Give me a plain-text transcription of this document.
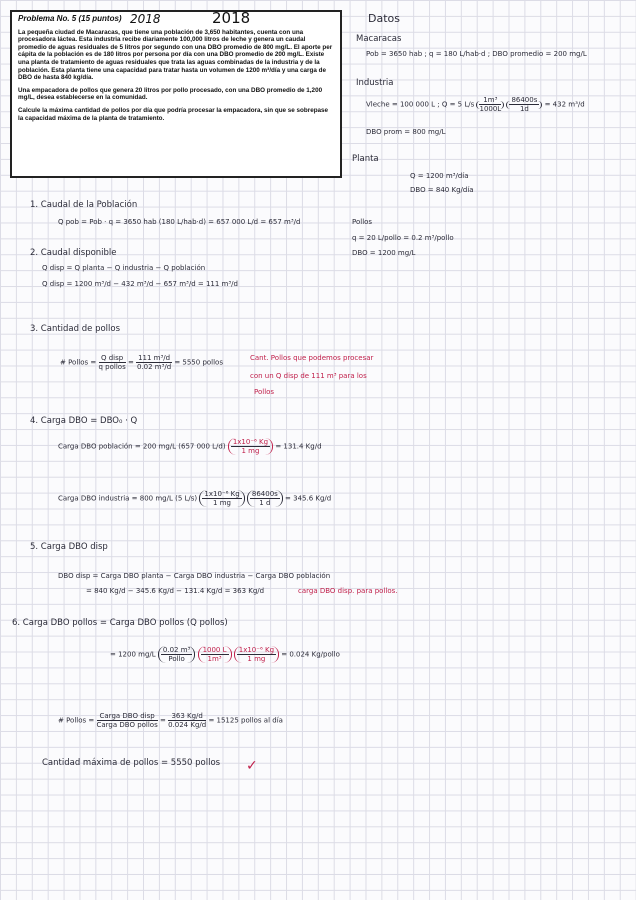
Problema No. 5 (15 puntos) 2018	2018

La pequeña ciudad de Macaracas, que tiene una población de 3,650 habitantes, cuenta con una procesadora láctea. Esta industria recibe diariamente 100,000 litros de leche y genera un caudal promedio de aguas residuales de 5 litros por segundo con una DBO promedio de 800 mg/L. El aporte per cápita de la población es de 180 litros por persona por día con una DBO promedio de 200 mg/L. Existe una planta de tratamiento de aguas residuales que trata las aguas combinadas de la industria y de la población. Esta planta tiene una capacidad para tratar hasta un volumen de 1200 m³/día y una carga de DBO de hasta 840 kg/día.

Una empacadora de pollos que genera 20 litros por pollo procesado, con una DBO promedio de 1,200 mg/L, desea establecerse en la comunidad.

Calcule la máxima cantidad de pollos por día que podría procesar la empacadora, sin que se sobrepase la capacidad máxima de la planta de tratamiento.

Datos
Macaracas
Pob = 3650 hab ; q = 180 L/hab·d ; DBO promedio = 200 mg/L
Industria
Vleche = 100 000 L ; Q = 5 $L/s \frac{\text{1m³}}{1000L}$
$\frac{86400s}{1d} = 432$ m³/d
DBO prom = 800 mg/L
Planta
Q = 1200 m³/día
DBO = 840 Kg/día
Pollos
q = 20 L/pollo = 0.2 m³/pollo
DBO = 1200 mg/L
1. Caudal de la Población
Q pob = Pob · q = 3650 hab (180 L/hab·d) = 657 000 L/d = 657 m³/d
2. Caudal disponible
Q disp = Q planta − Q industria − Q población
Q disp = 1200 m³/d − 432 m³/d − 657 m³/d = 111 m³/d
3. Cantidad de pollos
# Pollos = $\frac{\text{Q disp}}{\text{q pollos}} = \frac{\text{111 m³/d}}{\text{0.02 m³/d}} = 5550$ pollos
Cant. Pollos que podemos procesar
con un Q disp de 111 m³ para los
Pollos
4. Carga DBO = DBO₀ · Q
Carga DBO población = 200 mg/L (657 000 $L/d) \frac{\text{1x10⁻⁶ Kg}}{1 mg} = 131.4$ Kg/d
Carga DBO industria = 800 mg/L (5 $L/s) \frac{\text{1x10⁻⁶ Kg}}{1 mg}$
$\frac{86400s}{1 d} = 345.6$ Kg/d
5. Carga DBO disp
DBO disp = Carga DBO planta − Carga DBO industria − Carga DBO población
= 840 Kg/d − 345.6 Kg/d − 131.4 Kg/d = 363 Kg/d	carga DBO disp. para pollos.
6. Carga DBO pollos = Carga DBO pollos (Q pollos)
= 1200 $mg/L \frac{\text{0.02 m³}}{\text{Pollo}}$
$\frac{1000 L}{\text{1m³}}$
$\frac{\text{1x10⁻⁶ Kg}}{1 mg} = 0.024$ Kg/pollo
# Pollos = $\frac{\text{Carga DBO disp}}{\text{Carga DBO pollos}} = \frac{363 Kg/d}{0.024 Kg/d} = 15125$ pollos al día
Cantidad máxima de pollos = 5550 pollos ✓
